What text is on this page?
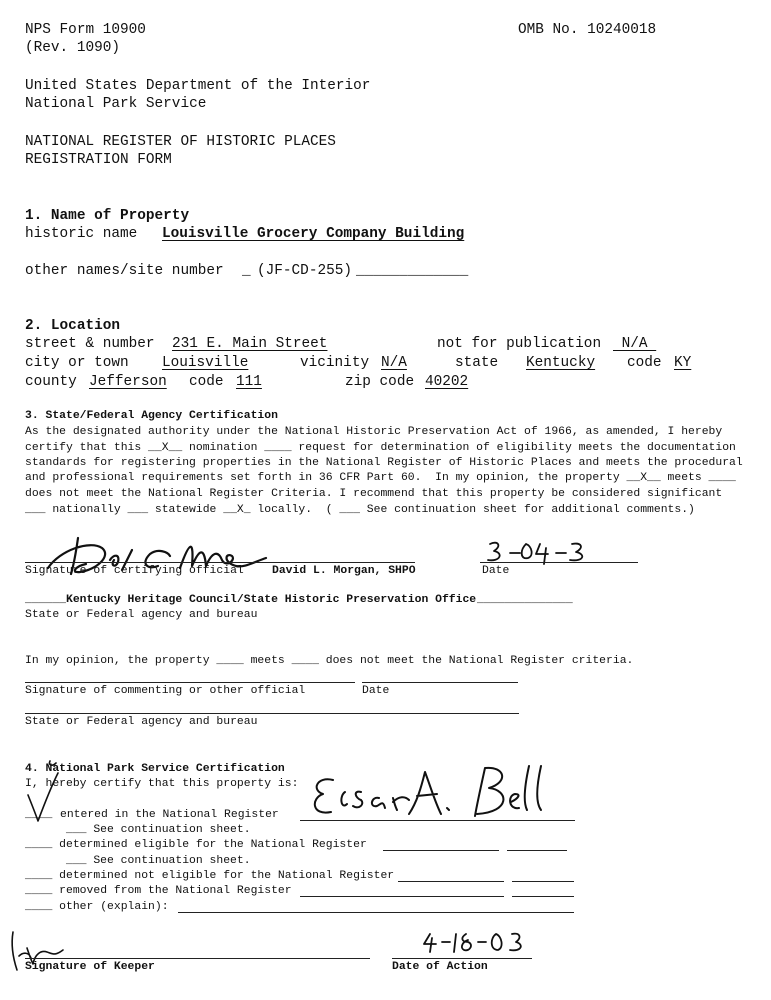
NPS Form 10900
(Rev. 1090)
OMB No. 10240018
United States Department of the Interior
National Park Service
NATIONAL REGISTER OF HISTORIC PLACES
REGISTRATION FORM
1. Name of Property
historic name Louisville Grocery Company Building
other names/site number _ (JF-CD-255) _____________
2. Location
street & number 231 E. Main Street	not for publication N/A
city or town Louisville	vicinity N/A	state Kentucky code KY
county Jefferson code 111	zip code 40202
3. State/Federal Agency Certification
As the designated authority under the National Historic Preservation Act of 1966, as amended, I hereby
certify that this __X__ nomination ____ request for determination of eligibility meets the documentation
standards for registering properties in the National Register of Historic Places and meets the procedural
and professional requirements set forth in 36 CFR Part 60.  In my opinion, the property __X__ meets ____
does not meet the National Register Criteria. I recommend that this property be considered significant
___ nationally ___ statewide __X_ locally.  ( ___ See continuation sheet for additional comments.)
Signature of certifying official David L. Morgan, SHPO	Date
______ Kentucky Heritage Council/State Historic Preservation Office ______________
State or Federal agency and bureau
In my opinion, the property ____ meets ____ does not meet the National Register criteria.
Signature of commenting or other official	Date
State or Federal agency and bureau
4. National Park Service Certification
I, hereby certify that this property is:
____ entered in the National Register
___ See continuation sheet.
____ determined eligible for the National Register
___ See continuation sheet.
____ determined not eligible for the National Register
____ removed from the National Register
____ other (explain):
Signature of Keeper	Date of Action
